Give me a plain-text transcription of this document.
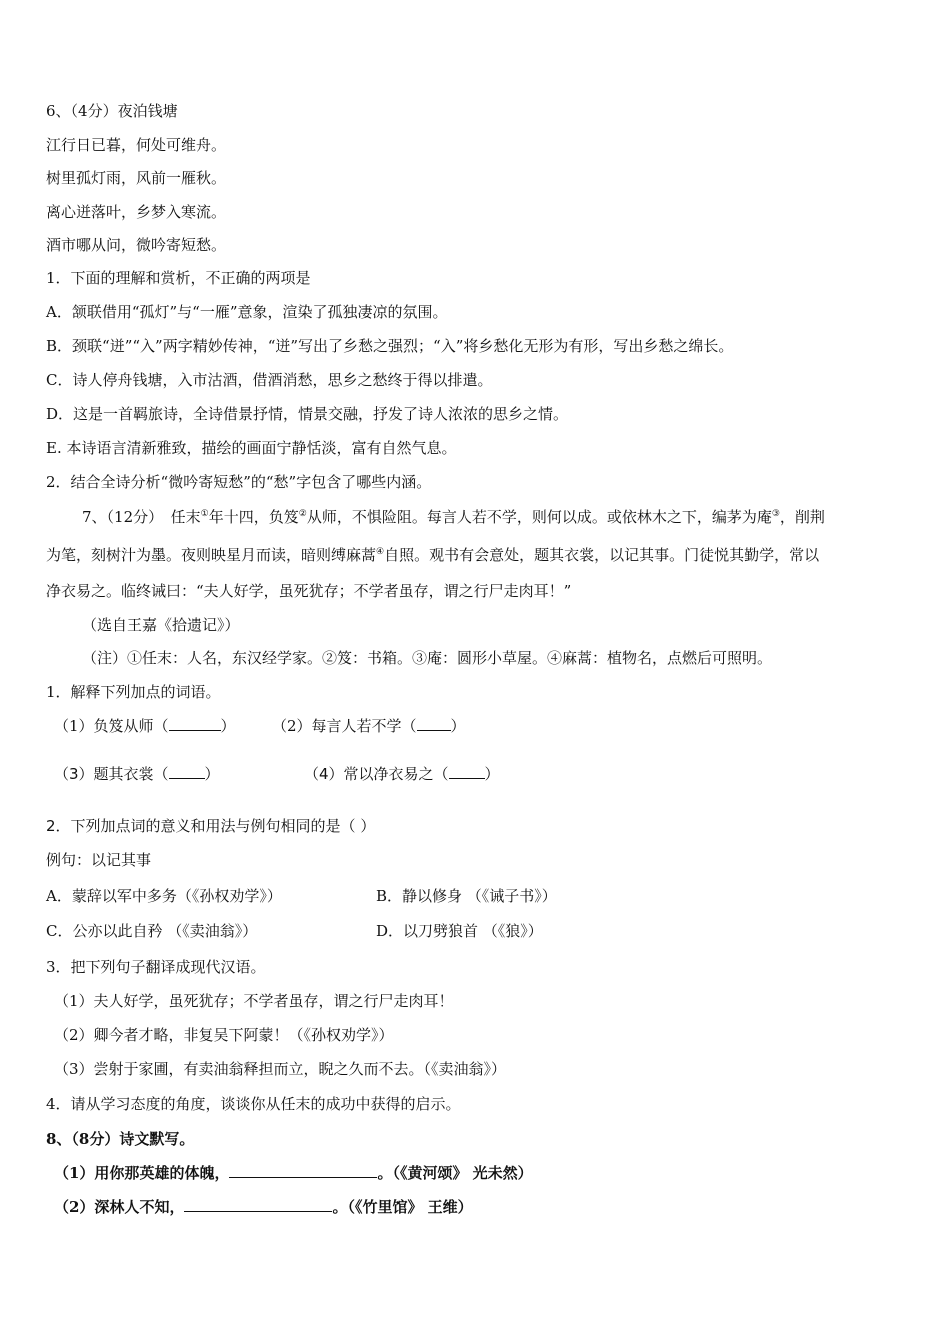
6、（4分）夜泊钱塘
江行日已暮，何处可维舟。
树里孤灯雨，风前一雁秋。
离心迸落叶，乡梦入寒流。
酒市哪从问，微吟寄短愁。
1．下面的理解和赏析，不正确的两项是
A．颔联借用“孤灯”与“一雁”意象，渲染了孤独凄凉的氛围。
B．颈联“迸”“入”两字精妙传神，“迸”写出了乡愁之强烈；“入”将乡愁化无形为有形，写出乡愁之绵长。
C．诗人停舟钱塘，入市沽酒，借酒消愁，思乡之愁终于得以排遣。
D．这是一首羁旅诗，全诗借景抒情，情景交融，抒发了诗人浓浓的思乡之情。
E. 本诗语言清新雅致，描绘的画面宁静恬淡，富有自然气息。
2．结合全诗分析“微吟寄短愁”的“愁”字包含了哪些内涵。
7、（12分）　任末①年十四，负笈②从师，不惧险阻。每言人若不学，则何以成。或依林木之下，编茅为庵③，削荆
为笔，刻树汁为墨。夜则映星月而读，暗则缚麻蒿④自照。观书有会意处，题其衣裳，以记其事。门徒悦其勤学，常以
净衣易之。临终诫曰：“夫人好学，虽死犹存；不学者虽存，谓之行尸走肉耳！”
（选自王嘉《拾遗记》）
（注）①任末：人名，东汉经学家。②笈：书箱。③庵：圆形小草屋。④麻蒿：植物名，点燃后可照明。
1．解释下列加点的词语。
（1）负笈从师（	） （2）每言人若不学（ ）
（3）题其衣裳（ ）	（4）常以净衣易之（ ）
2．下列加点词的意义和用法与例句相同的是（ ）
例句：以记其事
A．蒙辞以军中多务（《孙权劝学》）	B．静以修身 （《诫子书》）
C．公亦以此自矜 （《卖油翁》）	D．以刀劈狼首 （《狼》）
3．把下列句子翻译成现代汉语。
（1）夫人好学，虽死犹存；不学者虽存，谓之行尸走肉耳！
（2）卿今者才略，非复吴下阿蒙！（《孙权劝学》）
（3）尝射于家圃，有卖油翁释担而立，睨之久而不去。（《卖油翁》）
4．请从学习态度的角度，谈谈你从任末的成功中获得的启示。
8、（8分）诗文默写。
（1）用你那英雄的体魄，	。（《黄河颂》 光未然）
（2）深林人不知，	。（《竹里馆》 王维）
